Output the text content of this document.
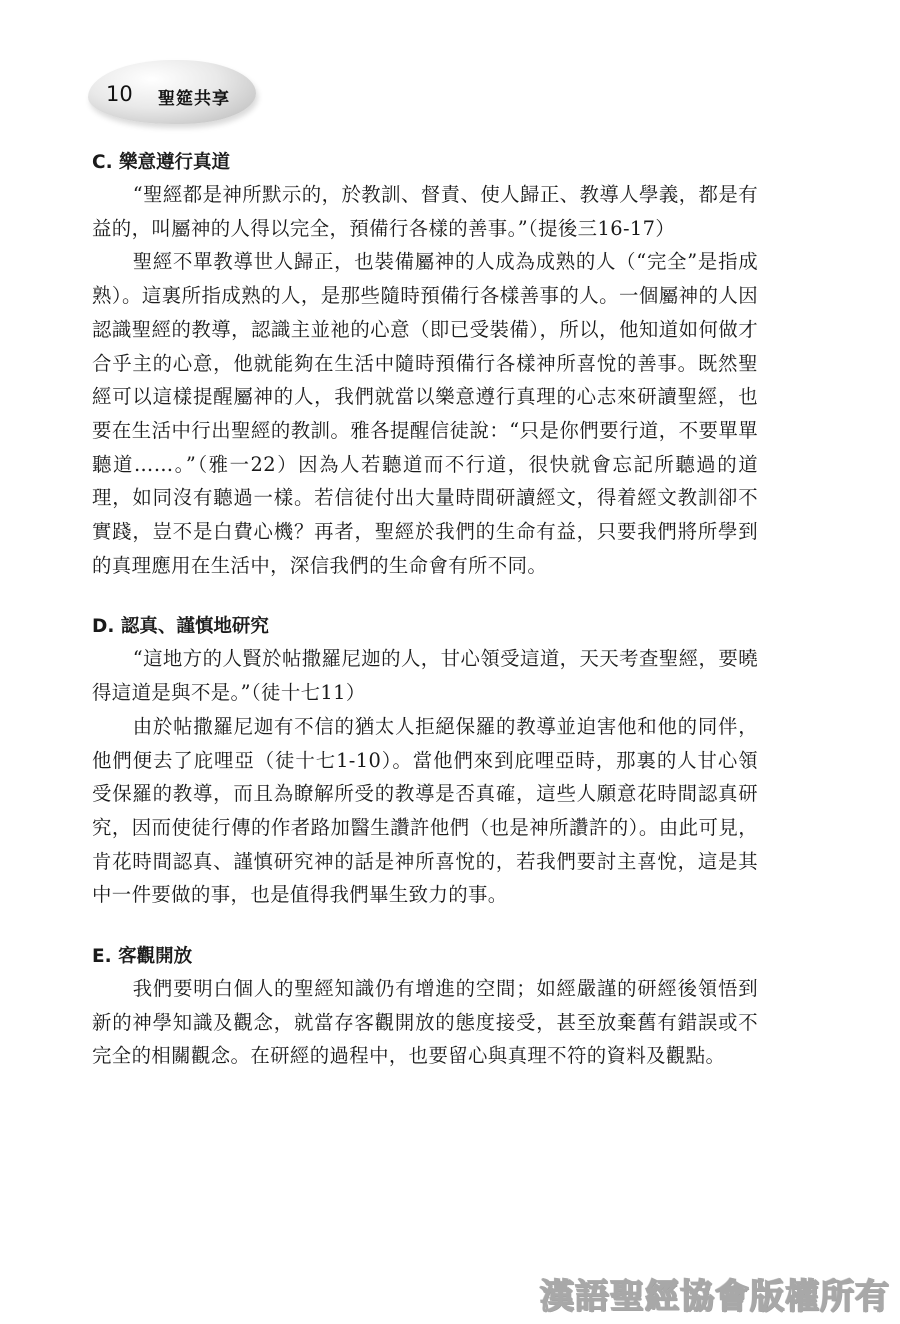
10 聖筵共享
C. 樂意遵行真道

“聖經都是神所默示的，於教訓、督責、使人歸正、教導人學義，都是有益的，叫屬神的人得以完全，預備行各樣的善事。”（提後三16-17）

聖經不單教導世人歸正，也裝備屬神的人成為成熟的人（“完全”是指成熟）。這裏所指成熟的人，是那些隨時預備行各樣善事的人。一個屬神的人因認識聖經的教導，認識主並祂的心意（即已受裝備），所以，他知道如何做才合乎主的心意，他就能夠在生活中隨時預備行各樣神所喜悅的善事。既然聖經可以這樣提醒屬神的人，我們就當以樂意遵行真理的心志來研讀聖經，也要在生活中行出聖經的教訓。雅各提醒信徒說：“只是你們要行道，不要單單聽道……。”（雅一22）因為人若聽道而不行道，很快就會忘記所聽過的道理，如同沒有聽過一樣。若信徒付出大量時間研讀經文，得着經文教訓卻不實踐，豈不是白費心機？再者，聖經於我們的生命有益，只要我們將所學到的真理應用在生活中，深信我們的生命會有所不同。

D. 認真、謹慎地研究

“這地方的人賢於帖撒羅尼迦的人，甘心領受這道，天天考查聖經，要曉得這道是與不是。”（徒十七11）

由於帖撒羅尼迦有不信的猶太人拒絕保羅的教導並迫害他和他的同伴，他們便去了庇哩亞（徒十七1-10）。當他們來到庇哩亞時，那裏的人甘心領受保羅的教導，而且為瞭解所受的教導是否真確，這些人願意花時間認真研究，因而使徒行傳的作者路加醫生讚許他們（也是神所讚許的）。由此可見，肯花時間認真、謹慎研究神的話是神所喜悅的，若我們要討主喜悅，這是其中一件要做的事，也是值得我們畢生致力的事。

E. 客觀開放

我們要明白個人的聖經知識仍有增進的空間；如經嚴謹的研經後領悟到新的神學知識及觀念，就當存客觀開放的態度接受，甚至放棄舊有錯誤或不完全的相關觀念。在研經的過程中，也要留心與真理不符的資料及觀點。

漢語聖經協會版權所有
